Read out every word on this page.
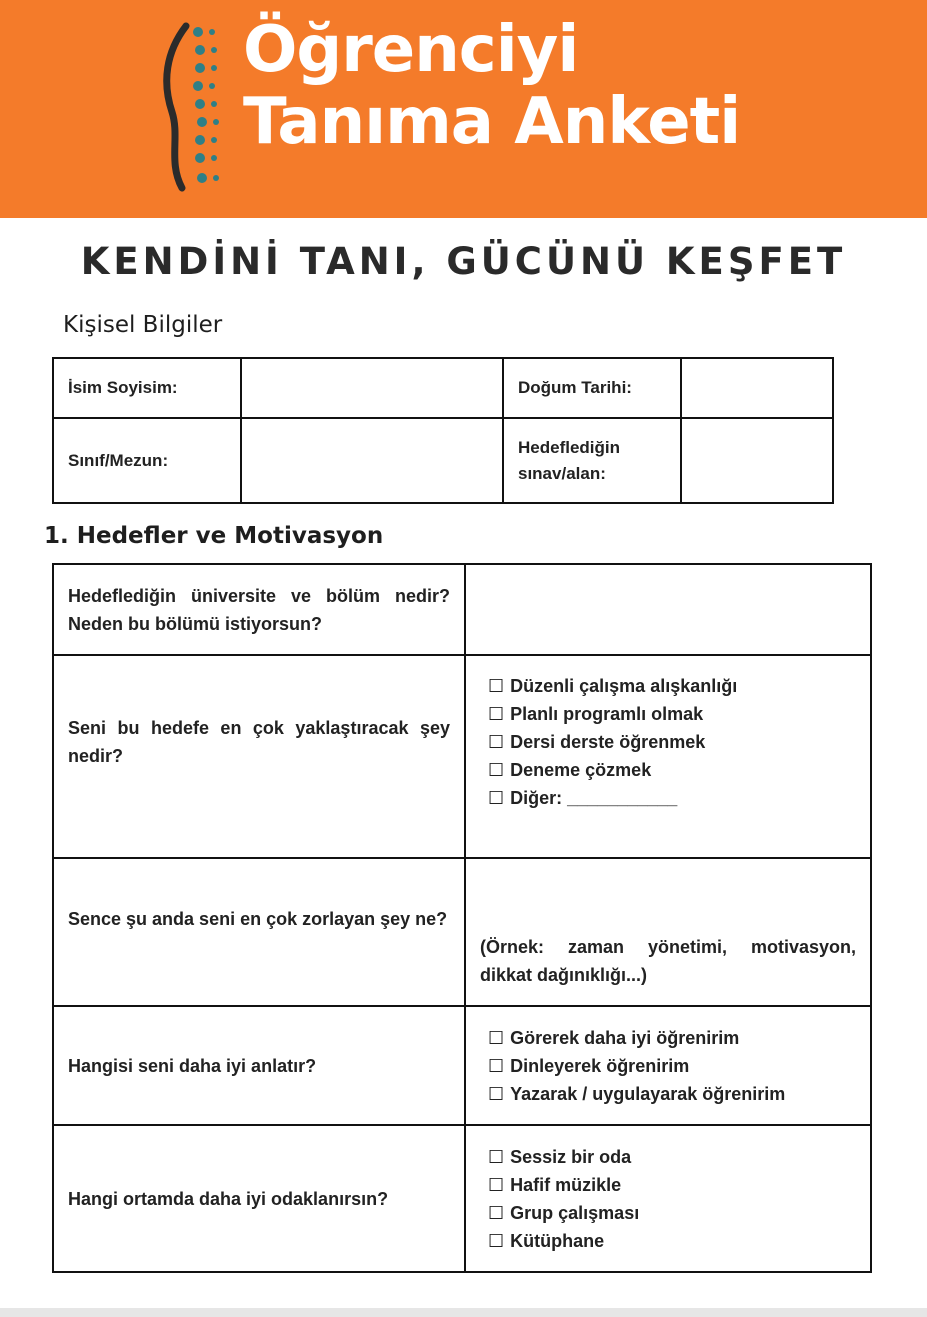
Öğrenciyi
Tanıma Anketi
KENDİNİ TANI, GÜCÜNÜ KEŞFET
Kişisel Bilgiler
İsim Soyisim:		Doğum Tarihi:	
Sınıf/Mezun:		Hedeflediğin sınav/alan:	
1. Hedefler ve Motivasyon
Hedeflediğin üniversite ve bölüm nedir? Neden bu bölümü istiyorsun?	
Seni bu hedefe en çok yaklaştıracak şey nedir?	☐ Düzenli çalışma alışkanlığı
☐ Planlı programlı olmak
☐ Dersi derste öğrenmek
☐ Deneme çözmek
☐ Diğer: ___________

Sence şu anda seni en çok zorlayan şey ne?	(Örnek: zaman yönetimi, motivasyon, dikkat dağınıklığı...)
Hangisi seni daha iyi anlatır?	☐ Görerek daha iyi öğrenirim
☐ Dinleyerek öğrenirim
☐ Yazarak / uygulayarak öğrenirim

Hangi ortamda daha iyi odaklanırsın?	☐ Sessiz bir oda
☐ Hafif müzikle
☐ Grup çalışması
☐ Kütüphane
